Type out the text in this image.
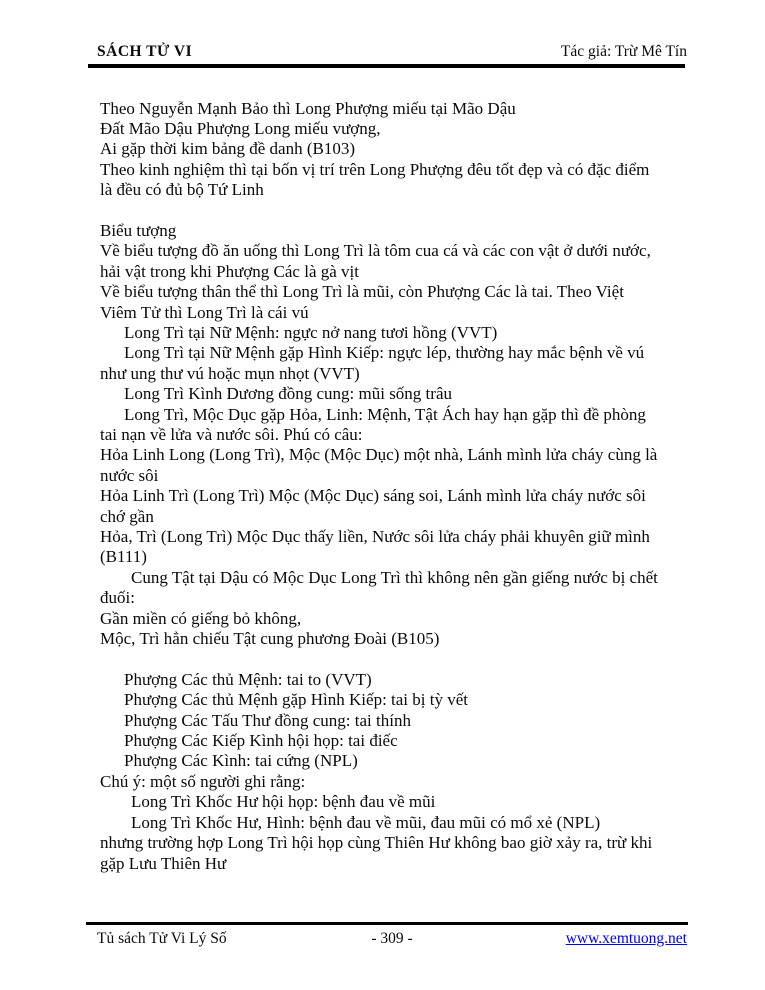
SÁCH TỬ VI	Tác giả: Trừ Mê Tín
Theo Nguyễn Mạnh Bảo thì Long Phượng miếu tại Mão Dậu
Đất Mão Dậu Phượng Long miếu vượng,
Ai gặp thời kim bảng đề danh (B103)
Theo kinh nghiệm thì tại bốn vị trí trên Long Phượng đêu tốt đẹp và có đặc điểm
là đều có đủ bộ Tứ Linh
Biểu tượng
Về biểu tượng đồ ăn uống thì Long Trì là tôm cua cá và các con vật ở dưới nước,
hải vật trong khi Phượng Các là gà vịt
Về biểu tượng thân thể thì Long Trì là mũi, còn Phượng Các là tai. Theo Việt
Viêm Tử thì Long Trì là cái vú
Long Trì tại Nữ Mệnh: ngực nở nang tươi hồng (VVT)
Long Trì tại Nữ Mệnh gặp Hình Kiếp: ngực lép, thường hay mắc bệnh về vú
như ung thư vú hoặc mụn nhọt (VVT)
Long Trì Kình Dương đồng cung: mũi sống trâu
Long Trì, Mộc Dục gặp Hỏa, Linh: Mệnh, Tật Ách hay hạn gặp thì đề phòng
tai nạn về lửa và nước sôi. Phú có câu:
Hỏa Linh Long (Long Trì), Mộc (Mộc Dục) một nhà, Lánh mình lửa cháy cùng là
nước sôi
Hỏa Linh Trì (Long Trì) Mộc (Mộc Dục) sáng soi, Lánh mình lửa cháy nước sôi
chớ gần
Hỏa, Trì (Long Trì) Mộc Dục thấy liền, Nước sôi lửa cháy phải khuyên giữ mình
(B111)
Cung Tật tại Dậu có Mộc Dục Long Trì thì không nên gần giếng nước bị chết
đuối:
Gần miền có giếng bỏ không,
Mộc, Trì hẳn chiếu Tật cung phương Đoài (B105)
Phượng Các thủ Mệnh: tai to (VVT)
Phượng Các thủ Mệnh gặp Hình Kiếp: tai bị tỳ vết
Phượng Các Tấu Thư đồng cung: tai thính
Phượng Các Kiếp Kình hội họp: tai điếc
Phượng Các Kình: tai cứng (NPL)
Chú ý: một số người ghi rằng:
Long Trì Khốc Hư hội họp: bệnh đau về mũi
Long Trì Khốc Hư, Hình: bệnh đau về mũi, đau mũi có mổ xẻ (NPL)
nhưng trường hợp Long Trì hội họp cùng Thiên Hư không bao giờ xảy ra, trừ khi
gặp Lưu Thiên Hư
Tủ sách Tử Vi Lý Số	- 309 -	www.xemtuong.net
